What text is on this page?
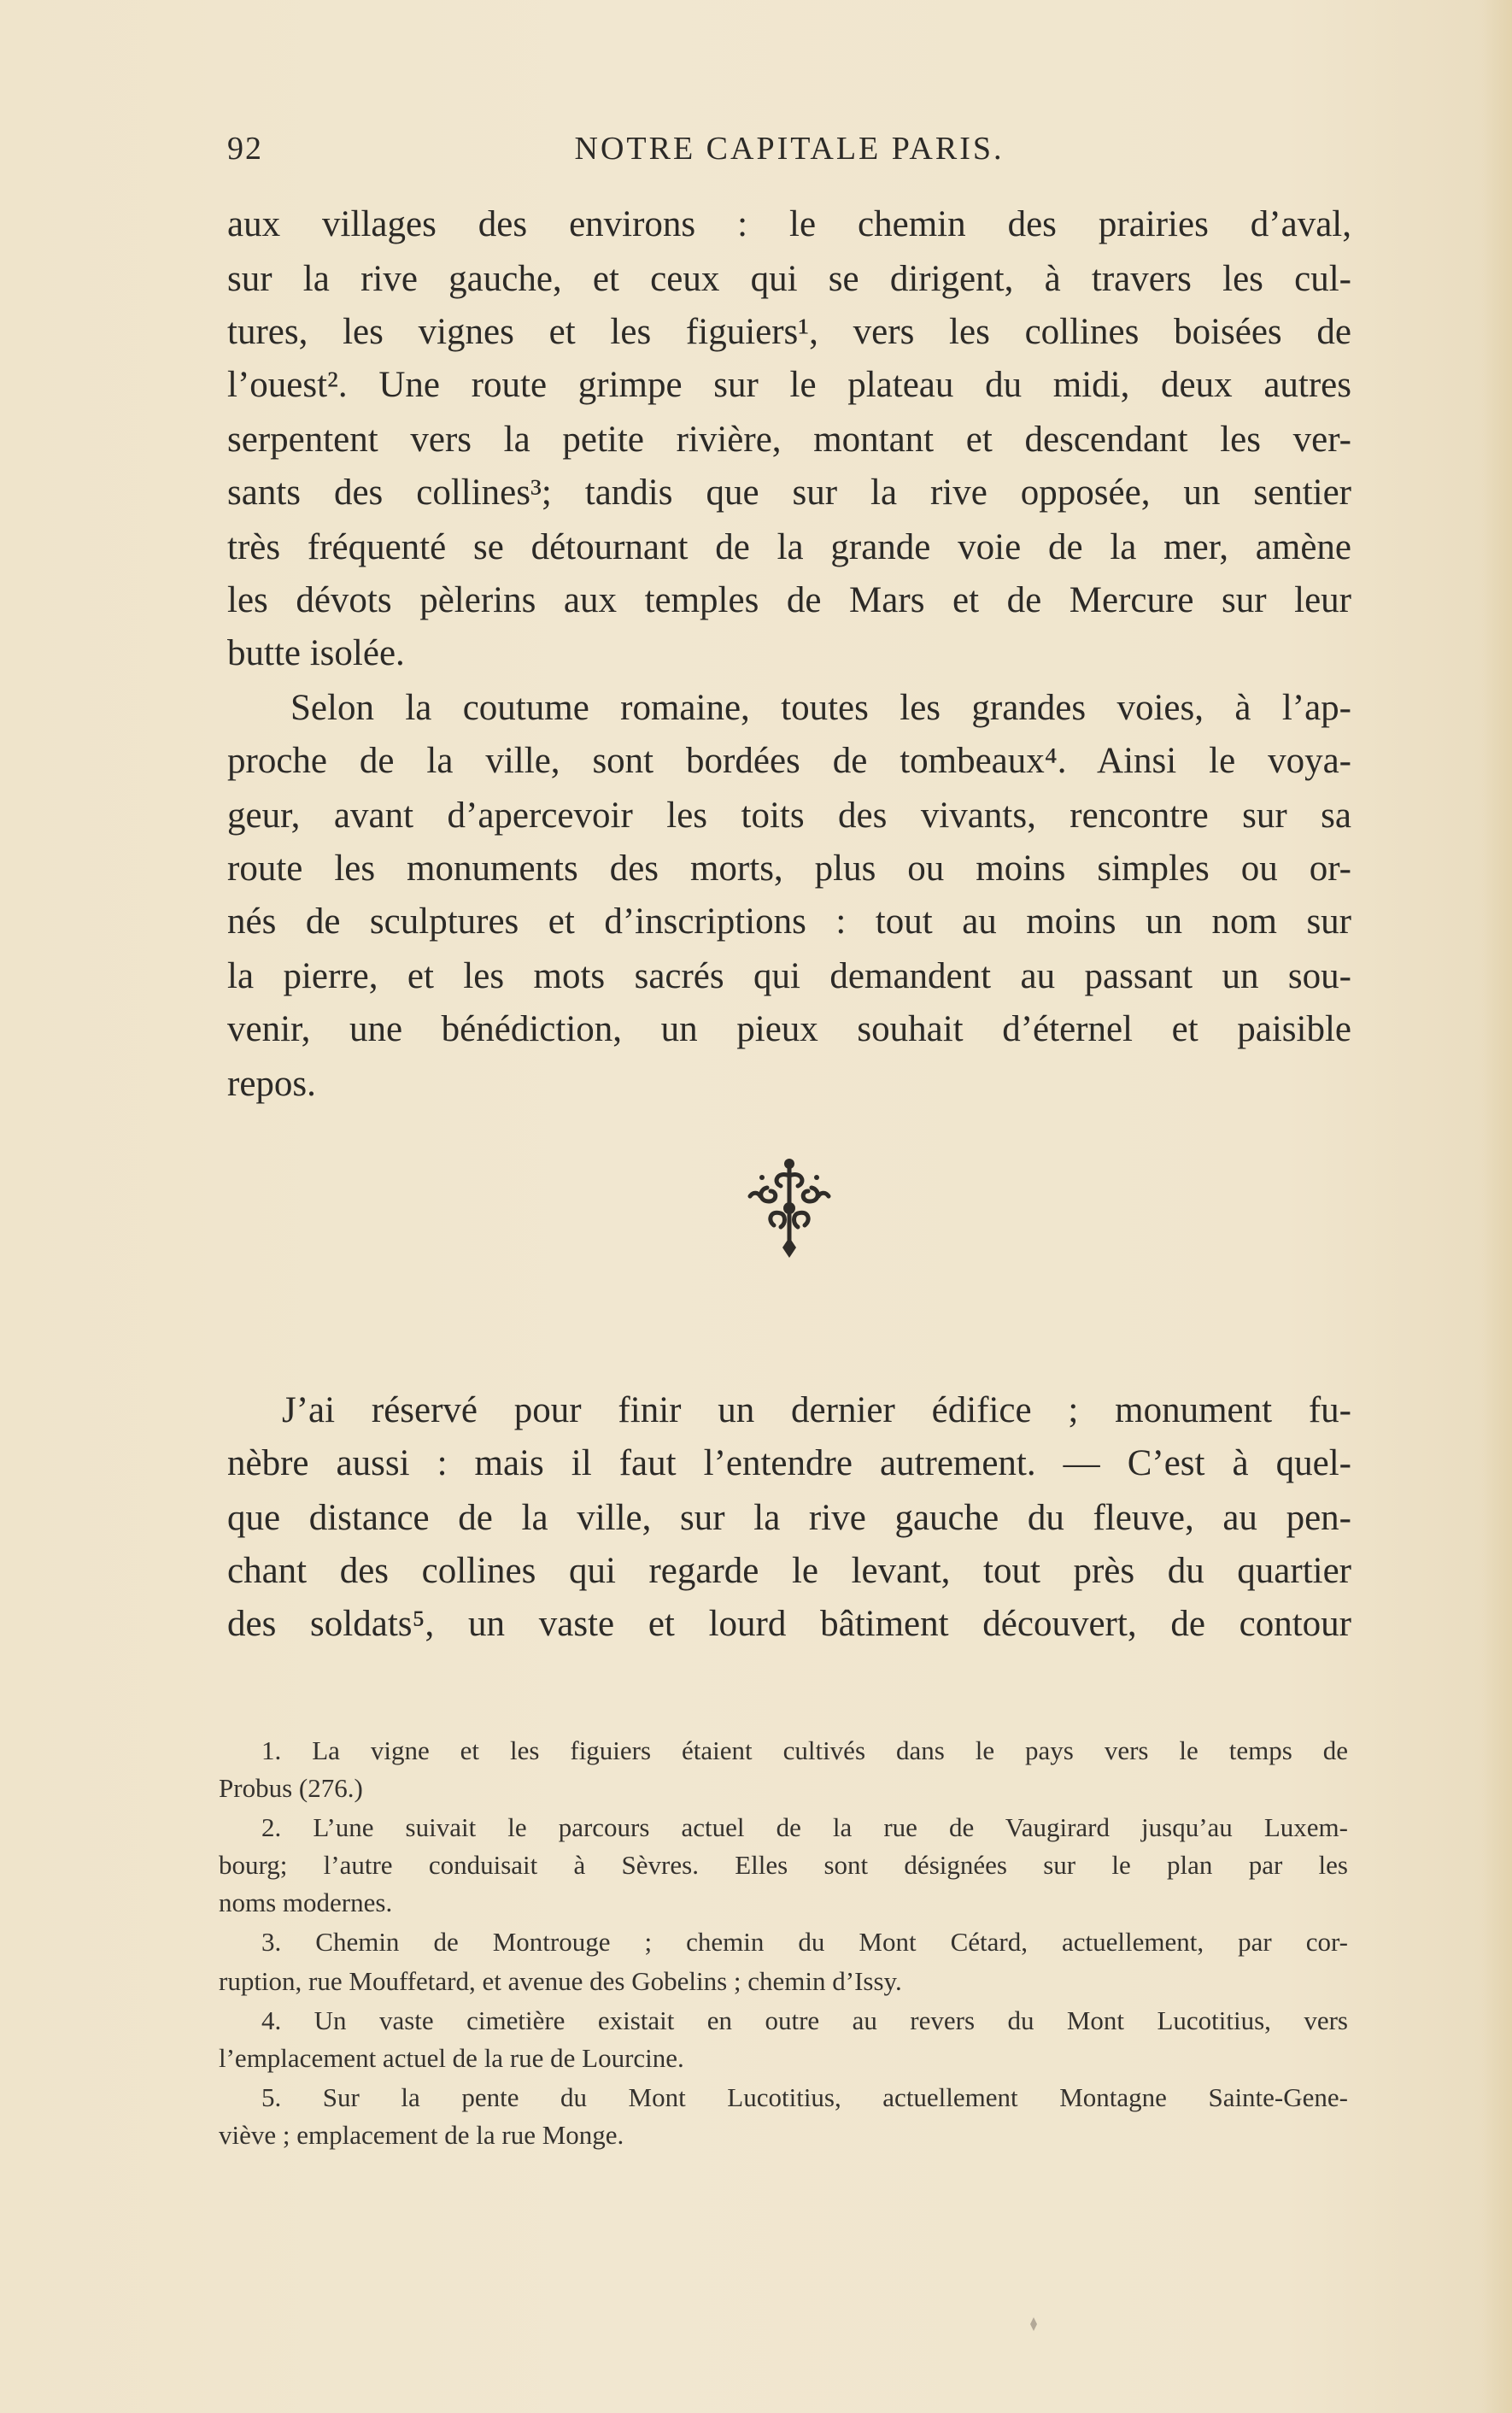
92	NOTRE CAPITALE PARIS.
aux villages des environs : le chemin des prairies d’aval,
sur la rive gauche, et ceux qui se dirigent, à travers les cul-
tures, les vignes et les figuiers¹, vers les collines boisées de
l’ouest². Une route grimpe sur le plateau du midi, deux autres
serpentent vers la petite rivière, montant et descendant les ver-
sants des collines³; tandis que sur la rive opposée, un sentier
très fréquenté se détournant de la grande voie de la mer, amène
les dévots pèlerins aux temples de Mars et de Mercure sur leur
butte isolée.
Selon la coutume romaine, toutes les grandes voies, à l’ap-
proche de la ville, sont bordées de tombeaux⁴. Ainsi le voya-
geur, avant d’apercevoir les toits des vivants, rencontre sur sa
route les monuments des morts, plus ou moins simples ou or-
nés de sculptures et d’inscriptions : tout au moins un nom sur
la pierre, et les mots sacrés qui demandent au passant un sou-
venir, une bénédiction, un pieux souhait d’éternel et paisible
repos.
J’ai réservé pour finir un dernier édifice ; monument fu-
nèbre aussi : mais il faut l’entendre autrement. — C’est à quel-
que distance de la ville, sur la rive gauche du fleuve, au pen-
chant des collines qui regarde le levant, tout près du quartier
des soldats⁵, un vaste et lourd bâtiment découvert, de contour
1. La vigne et les figuiers étaient cultivés dans le pays vers le temps de
Probus (276.)
2. L’une suivait le parcours actuel de la rue de Vaugirard jusqu’au Luxem-
bourg; l’autre conduisait à Sèvres. Elles sont désignées sur le plan par les
noms modernes.
3. Chemin de Montrouge ; chemin du Mont Cétard, actuellement, par cor-
ruption, rue Mouffetard, et avenue des Gobelins ; chemin d’Issy.
4. Un vaste cimetière existait en outre au revers du Mont Lucotitius, vers
l’emplacement actuel de la rue de Lourcine.
5. Sur la pente du Mont Lucotitius, actuellement Montagne Sainte-Gene-
viève ; emplacement de la rue Monge.
